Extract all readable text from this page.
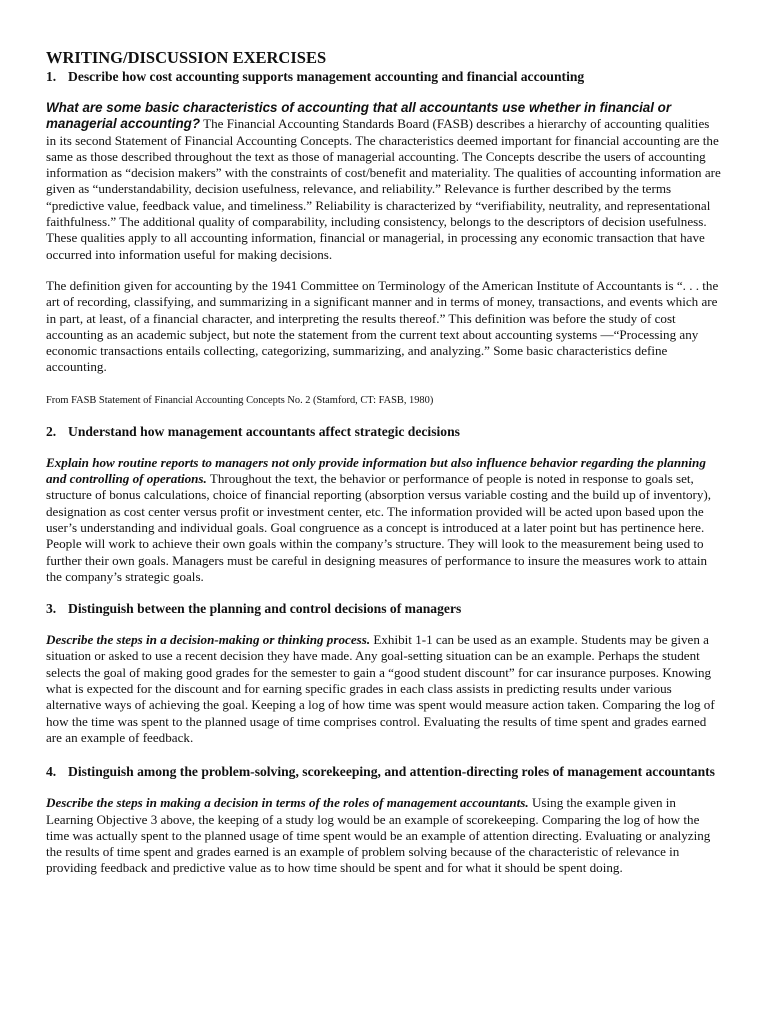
WRITING/DISCUSSION EXERCISES
1. Describe how cost accounting supports management accounting and financial accounting

What are some basic characteristics of accounting that all accountants use whether in financial or managerial accounting? The Financial Accounting Standards Board (FASB) describes a hierarchy of accounting qualities in its second Statement of Financial Accounting Concepts. The characteristics deemed important for financial accounting are the same as those described throughout the text as those of managerial accounting. The Concepts describe the users of accounting information as “decision makers” with the constraints of cost/benefit and materiality. The qualities of accounting information are given as “understandability, decision usefulness, relevance, and reliability.” Relevance is further described by the terms “predictive value, feedback value, and timeliness.” Reliability is characterized by “verifiability, neutrality, and representational faithfulness.” The additional quality of comparability, including consistency, belongs to the descriptors of decision usefulness. These qualities apply to all accounting information, financial or managerial, in processing any economic transaction that have occurred into information useful for making decisions.

The definition given for accounting by the 1941 Committee on Terminology of the American Institute of Accountants is “. . . the art of recording, classifying, and summarizing in a significant manner and in terms of money, transactions, and events which are in part, at least, of a financial character, and interpreting the results thereof.” This definition was before the study of cost accounting as an academic subject, but note the statement from the current text about accounting systems —“Processing any economic transactions entails collecting, categorizing, summarizing, and analyzing.” Some basic characteristics define accounting.

From FASB Statement of Financial Accounting Concepts No. 2 (Stamford, CT: FASB, 1980)

2. Understand how management accountants affect strategic decisions

Explain how routine reports to managers not only provide information but also influence behavior regarding the planning and controlling of operations. Throughout the text, the behavior or performance of people is noted in response to goals set, structure of bonus calculations, choice of financial reporting (absorption versus variable costing and the build up of inventory), designation as cost center versus profit or investment center, etc. The information provided will be acted upon based upon the user’s understanding and individual goals. Goal congruence as a concept is introduced at a later point but has pertinence here. People will work to achieve their own goals within the company’s structure. They will look to the measurement being used to further their own goals. Managers must be careful in designing measures of performance to insure the measures work to attain the company’s strategic goals.

3. Distinguish between the planning and control decisions of managers

Describe the steps in a decision-making or thinking process. Exhibit 1-1 can be used as an example. Students may be given a situation or asked to use a recent decision they have made. Any goal-setting situation can be an example. Perhaps the student selects the goal of making good grades for the semester to gain a “good student discount” for car insurance purposes. Knowing what is expected for the discount and for earning specific grades in each class assists in predicting results under various alternative ways of achieving the goal. Keeping a log of how time was spent would measure action taken. Comparing the log of how the time was spent to the planned usage of time comprises control. Evaluating the results of time spent and grades earned are an example of feedback.

4. Distinguish among the problem-solving, scorekeeping, and attention-directing roles of management accountants

Describe the steps in making a decision in terms of the roles of management accountants. Using the example given in Learning Objective 3 above, the keeping of a study log would be an example of scorekeeping. Comparing the log of how the time was actually spent to the planned usage of time spent would be an example of attention directing. Evaluating or analyzing the results of time spent and grades earned is an example of problem solving because of the characteristic of relevance in providing feedback and predictive value as to how time should be spent and for what it should be spent doing.
